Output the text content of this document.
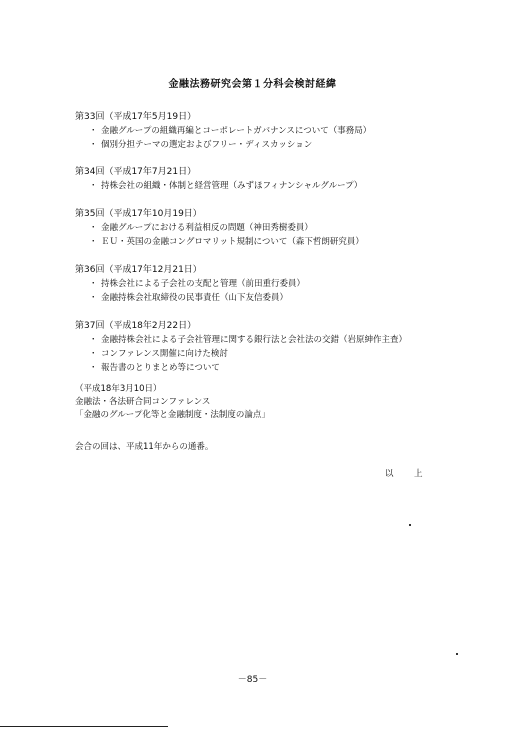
金融法務研究会第１分科会検討経緯
第33回（平成17年5月19日）
・ 金融グループの組織再編とコーポレートガバナンスについて（事務局）
・ 個別分担テーマの選定およびフリー・ディスカッション
第34回（平成17年7月21日）
・ 持株会社の組織・体制と経営管理（みずほフィナンシャルグループ）
第35回（平成17年10月19日）
・ 金融グループにおける利益相反の問題（神田秀樹委員）
・ ＥＵ・英国の金融コングロマリット規制について（森下哲朗研究員）
第36回（平成17年12月21日）
・ 持株会社による子会社の支配と管理（前田重行委員）
・ 金融持株会社取締役の民事責任（山下友信委員）
第37回（平成18年2月22日）
・ 金融持株会社による子会社管理に関する銀行法と会社法の交錯（岩原紳作主査）
・ コンファレンス開催に向けた検討
・ 報告書のとりまとめ等について
（平成18年3月10日）
金融法・各法研合同コンファレンス
「金融のグループ化等と金融制度・法制度の論点」
会合の回は、平成11年からの通番。
以　上
－85－
